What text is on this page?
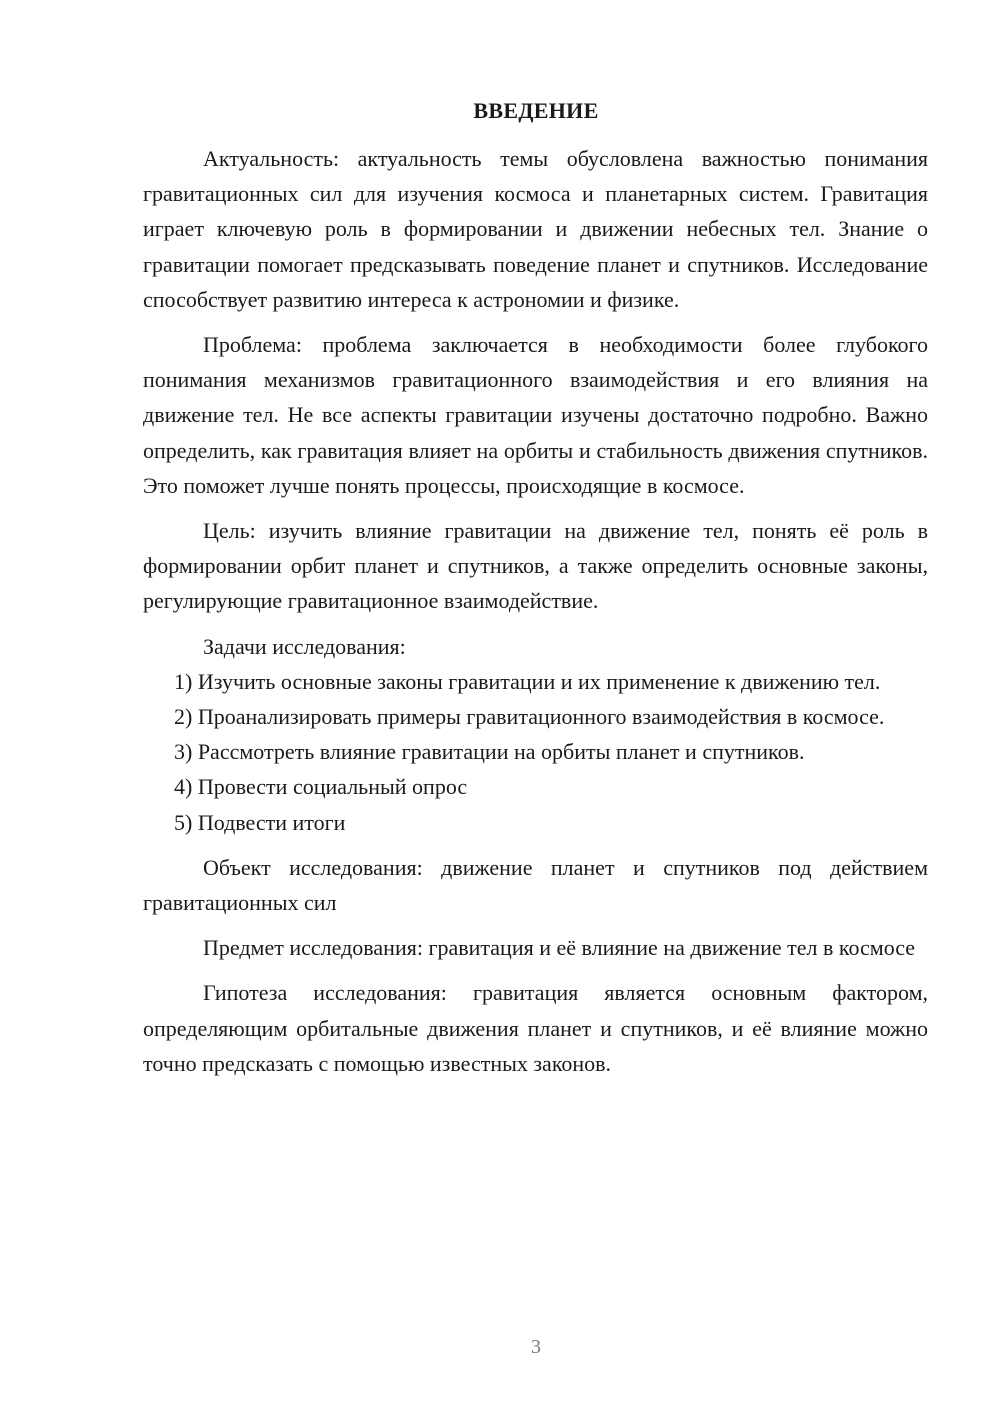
ВВЕДЕНИЕ

Актуальность: актуальность темы обусловлена важностью понимания гравитационных сил для изучения космоса и планетарных систем. Гравитация играет ключевую роль в формировании и движении небесных тел. Знание о гравитации помогает предсказывать поведение планет и спутников. Исследование способствует развитию интереса к астрономии и физике.

Проблема: проблема заключается в необходимости более глубокого понимания механизмов гравитационного взаимодействия и его влияния на движение тел. Не все аспекты гравитации изучены достаточно подробно. Важно определить, как гравитация влияет на орбиты и стабильность движения спутников. Это поможет лучше понять процессы, происходящие в космосе.

Цель: изучить влияние гравитации на движение тел, понять её роль в формировании орбит планет и спутников, а также определить основные законы, регулирующие гравитационное взаимодействие.

Задачи исследования:

1) Изучить основные законы гравитации и их применение к движению тел.

2) Проанализировать примеры гравитационного взаимодействия в космосе.

3) Рассмотреть влияние гравитации на орбиты планет и спутников.

4) Провести социальный опрос

5) Подвести итоги

Объект исследования: движение планет и спутников под действием гравитационных сил

Предмет исследования: гравитация и её влияние на движение тел в космосе

Гипотеза исследования: гравитация является основным фактором, определяющим орбитальные движения планет и спутников, и её влияние можно точно предсказать с помощью известных законов.

3
